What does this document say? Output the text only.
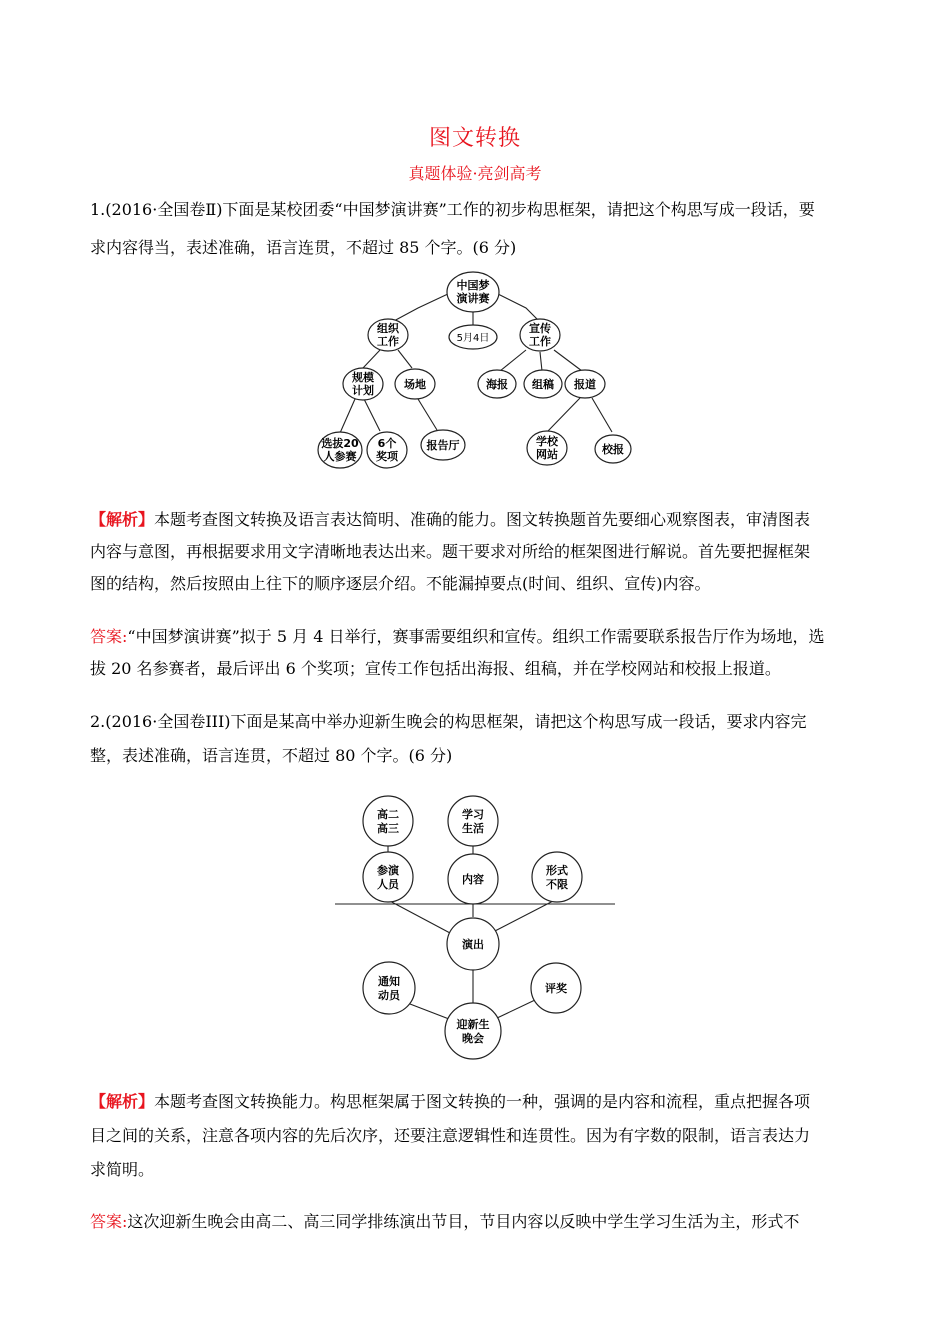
图文转换
真题体验·亮剑高考
1.(2016·全国卷Ⅱ)下面是某校团委“中国梦演讲赛”工作的初步构思框架，请把这个构思写成一段话，要
求内容得当，表述准确，语言连贯，不超过 85 个字。(6 分)
中国梦
演讲赛
5月4日
组织
工作
宣传
工作
规模
计划	场地	海报 组稿 报道
选拔20
人参赛
6个
奖项
报告厅	学校
网站	校报
【解析】本题考查图文转换及语言表达简明、准确的能力。图文转换题首先要细心观察图表，审清图表
内容与意图，再根据要求用文字清晰地表达出来。题干要求对所给的框架图进行解说。首先要把握框架
图的结构，然后按照由上往下的顺序逐层介绍。不能漏掉要点(时间、组织、宣传)内容。
答案:“中国梦演讲赛”拟于 5 月 4 日举行，赛事需要组织和宣传。组织工作需要联系报告厅作为场地，选
拔 20 名参赛者，最后评出 6 个奖项；宣传工作包括出海报、组稿，并在学校网站和校报上报道。
2.(2016·全国卷III)下面是某高中举办迎新生晚会的构思框架，请把这个构思写成一段话，要求内容完
整，表述准确，语言连贯，不超过 80 个字。(6 分)
高二
高三
学习
生活
参演
人员	内容
形式
不限
演出
通知
动员
评奖
迎新生
晚会
【解析】本题考查图文转换能力。构思框架属于图文转换的一种，强调的是内容和流程，重点把握各项
目之间的关系，注意各项内容的先后次序，还要注意逻辑性和连贯性。因为有字数的限制，语言表达力
求简明。
答案:这次迎新生晚会由高二、高三同学排练演出节目，节目内容以反映中学生学习生活为主，形式不
